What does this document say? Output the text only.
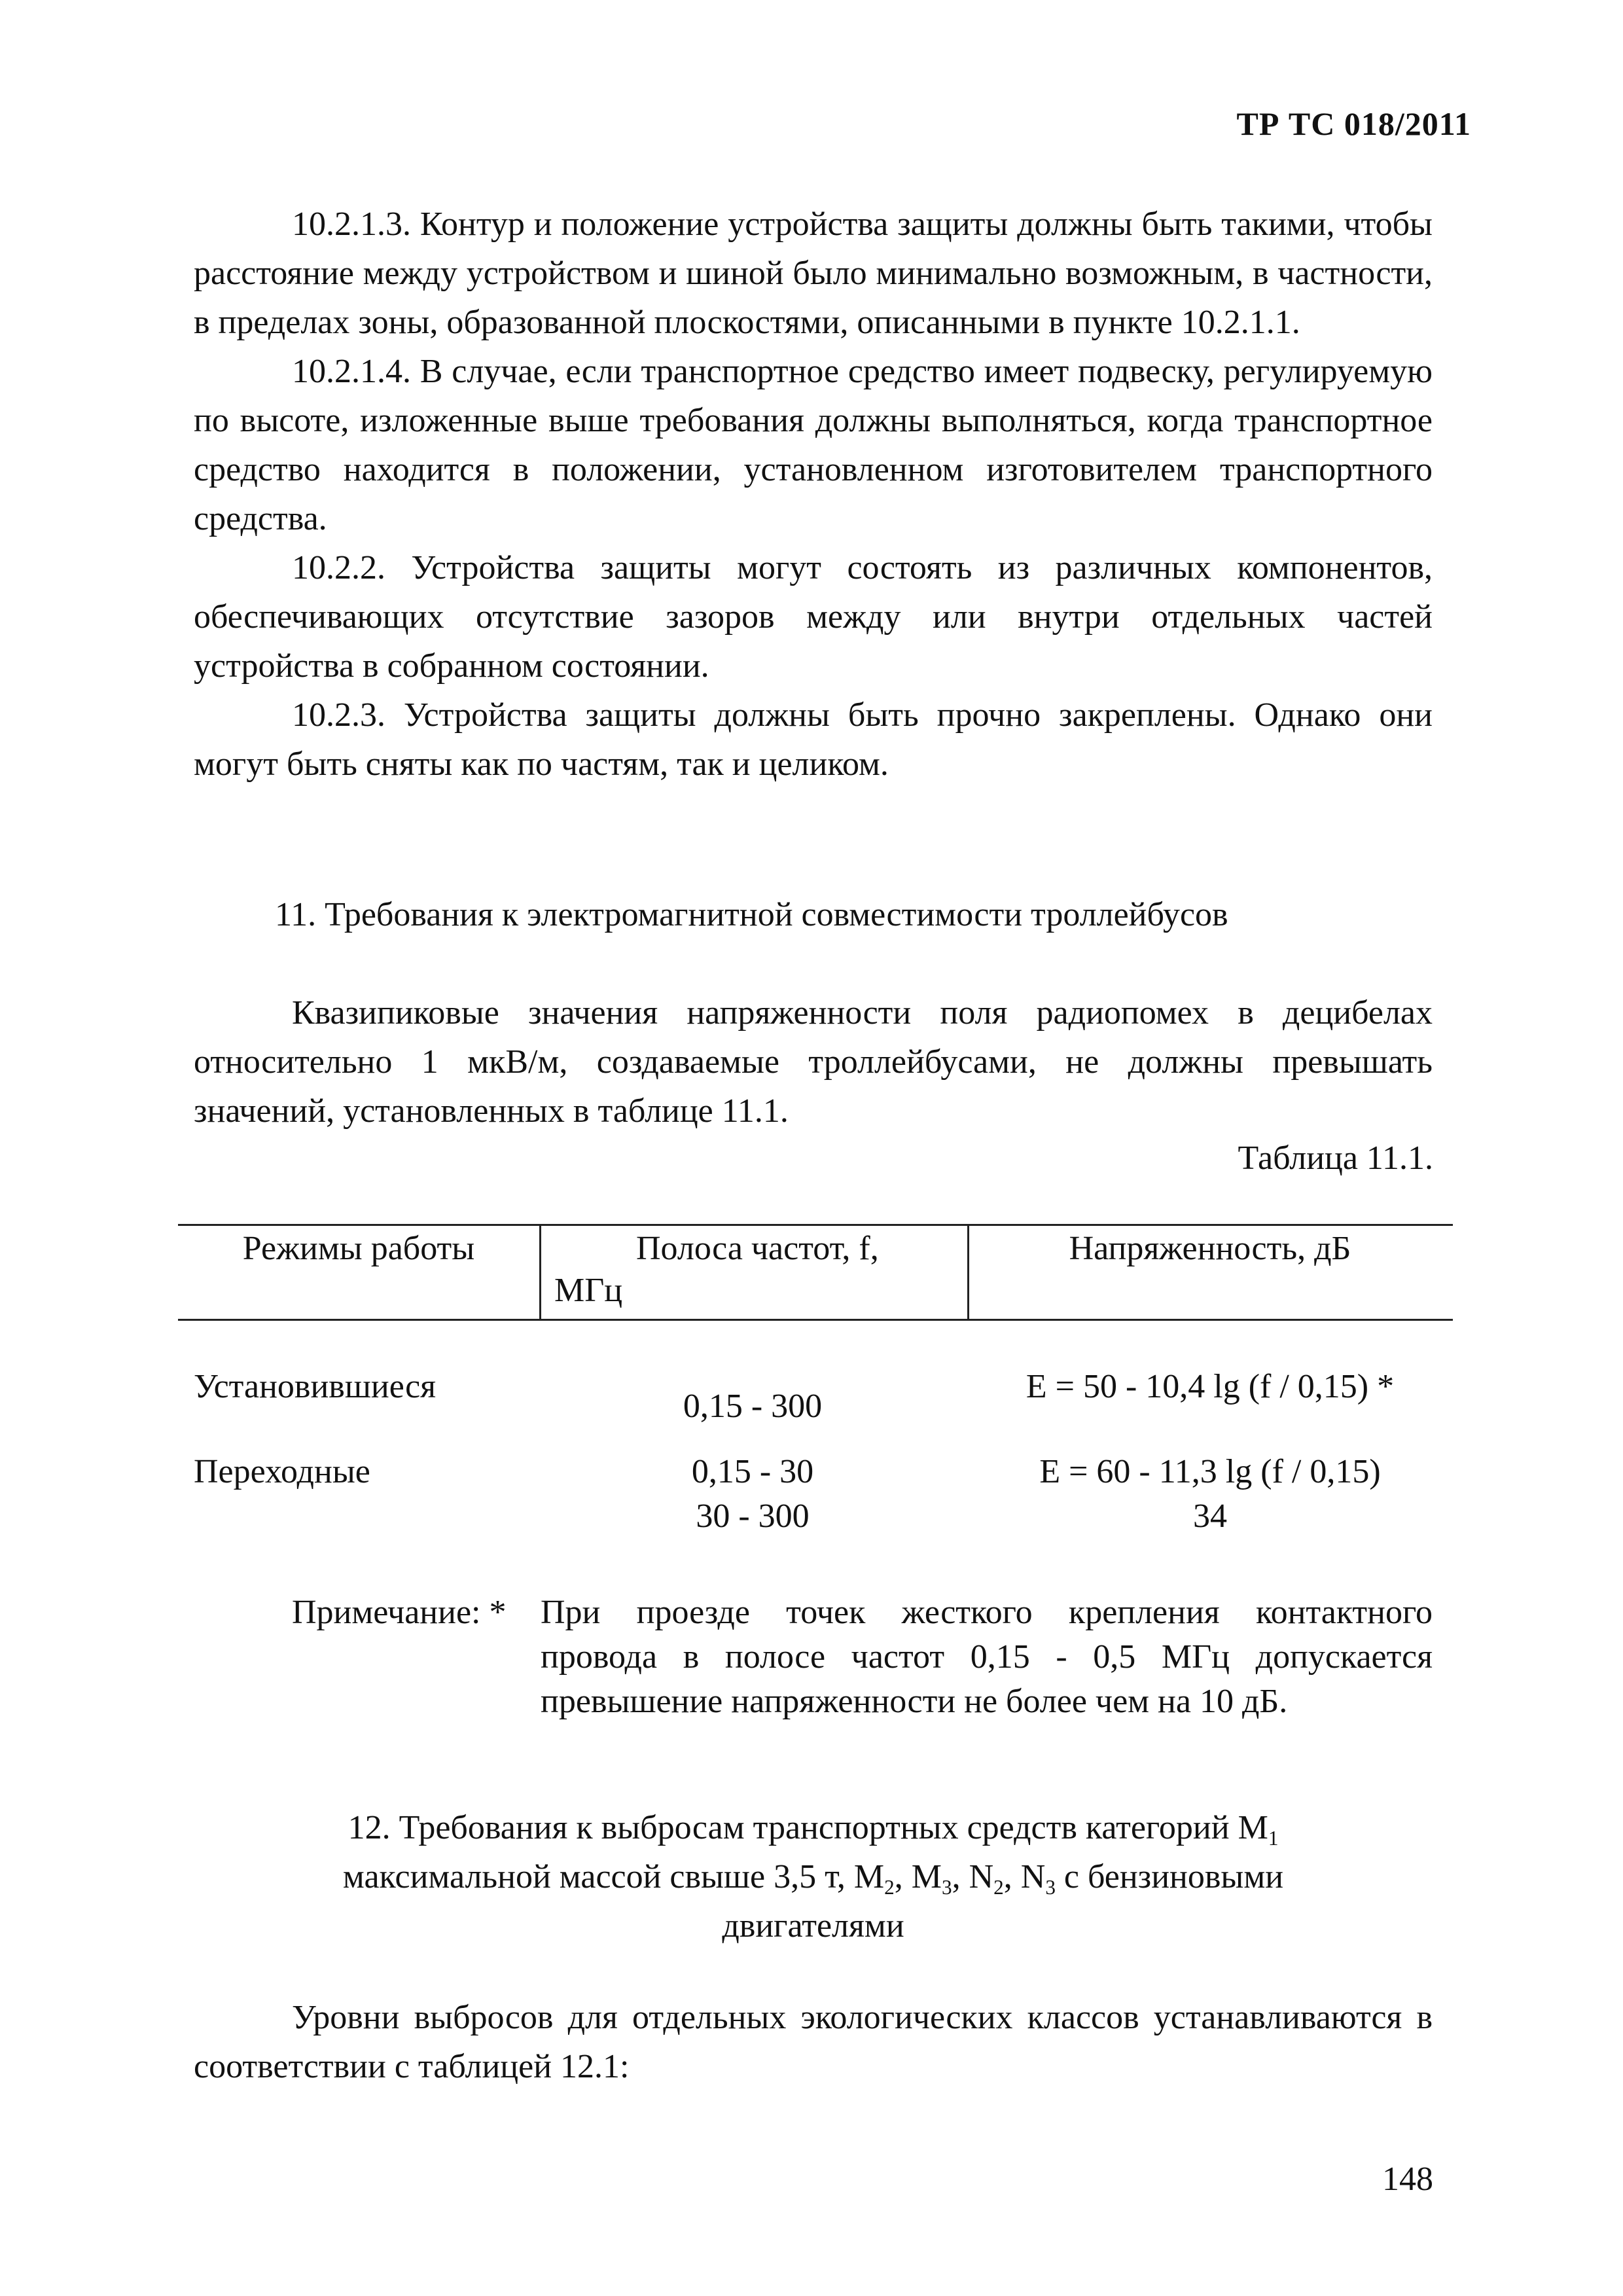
ТР ТС 018/2011

10.2.1.3. Контур и положение устройства защиты должны быть такими, чтобы расстояние между устройством и шиной было минимально возможным, в частности, в пределах зоны, образованной плоскостями, описанными в пункте 10.2.1.1.

10.2.1.4. В случае, если транспортное средство имеет подвеску, регулируемую по высоте, изложенные выше требования должны выполняться, когда транспортное средство находится в положении, установленном изготовителем транспортного средства.

10.2.2. Устройства защиты могут состоять из различных компонентов, обеспечивающих отсутствие зазоров между или внутри отдельных частей устройства в собранном состоянии.

10.2.3. Устройства защиты должны быть прочно закреплены. Однако они могут быть сняты как по частям, так и целиком.

11. Требования к электромагнитной совместимости троллейбусов

Квазипиковые значения напряженности поля радиопомех в децибелах относительно 1 мкВ/м, создаваемые троллейбусами, не должны превышать значений, установленных в таблице 11.1.

Таблица 11.1.
Режимы работы	Полоса частот, f,
МГц
Напряженность, дБ
Установившиеся
0,15 - 300
E = 50 - 10,4 lg (f / 0,15) *
Переходные	0,15 - 30
30 - 300
E = 60 - 11,3 lg (f / 0,15)
34
Примечание: * При проезде точек жесткого крепления контактного
провода в полосе частот 0,15 - 0,5 МГц допускается
превышение напряженности не более чем на 10 дБ.
12. Требования к выбросам транспортных средств категорий $M_1$
максимальной массой свыше 3,5 т, $M_2$, $M_3$, $N_2$, $N_3$ с бензиновыми
двигателями

Уровни выбросов для отдельных экологических классов устанавливаются в соответствии с таблицей 12.1:

148
